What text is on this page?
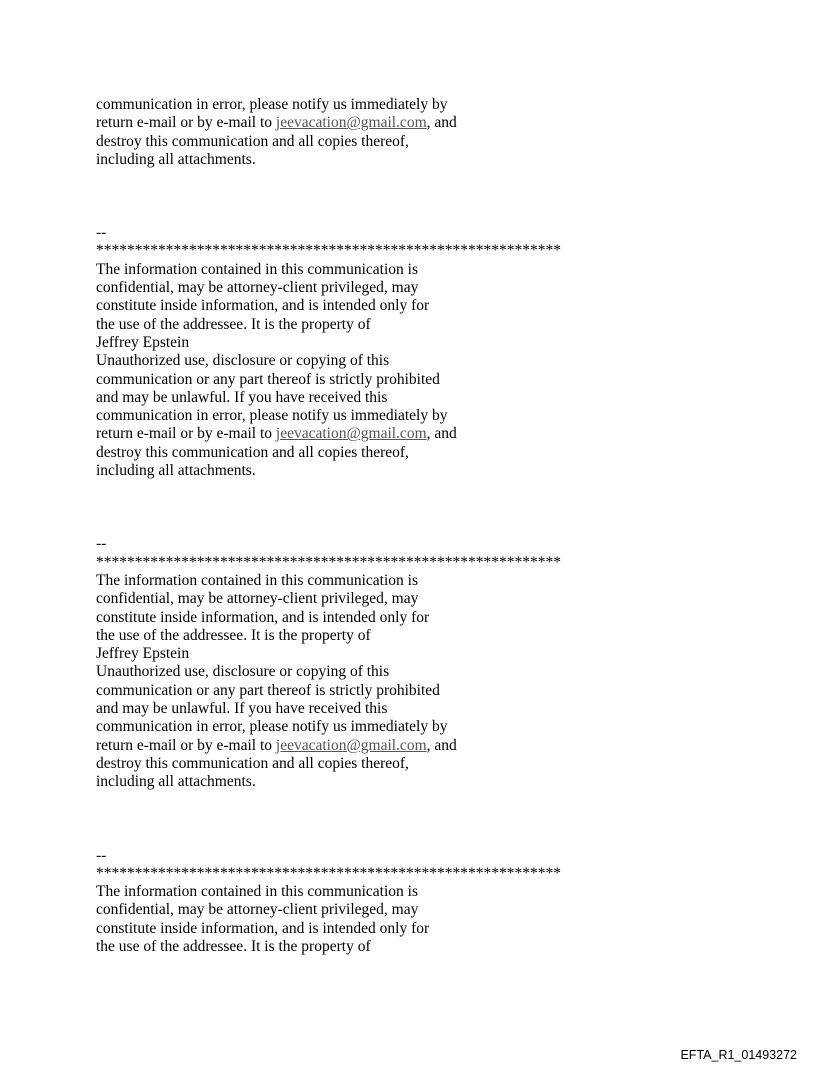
communication in error, please notify us immediately by
return e-mail or by e-mail to jeevacation@gmail.com, and
destroy this communication and all copies thereof,
including all attachments.
--
************************************************************
The information contained in this communication is
confidential, may be attorney-client privileged, may
constitute inside information, and is intended only for
the use of the addressee. It is the property of
Jeffrey Epstein
Unauthorized use, disclosure or copying of this
communication or any part thereof is strictly prohibited
and may be unlawful. If you have received this
communication in error, please notify us immediately by
return e-mail or by e-mail to jeevacation@gmail.com, and
destroy this communication and all copies thereof,
including all attachments.
--
************************************************************
The information contained in this communication is
confidential, may be attorney-client privileged, may
constitute inside information, and is intended only for
the use of the addressee. It is the property of
Jeffrey Epstein
Unauthorized use, disclosure or copying of this
communication or any part thereof is strictly prohibited
and may be unlawful. If you have received this
communication in error, please notify us immediately by
return e-mail or by e-mail to jeevacation@gmail.com, and
destroy this communication and all copies thereof,
including all attachments.
--
************************************************************
The information contained in this communication is
confidential, may be attorney-client privileged, may
constitute inside information, and is intended only for
the use of the addressee. It is the property of
EFTA_R1_01493272
